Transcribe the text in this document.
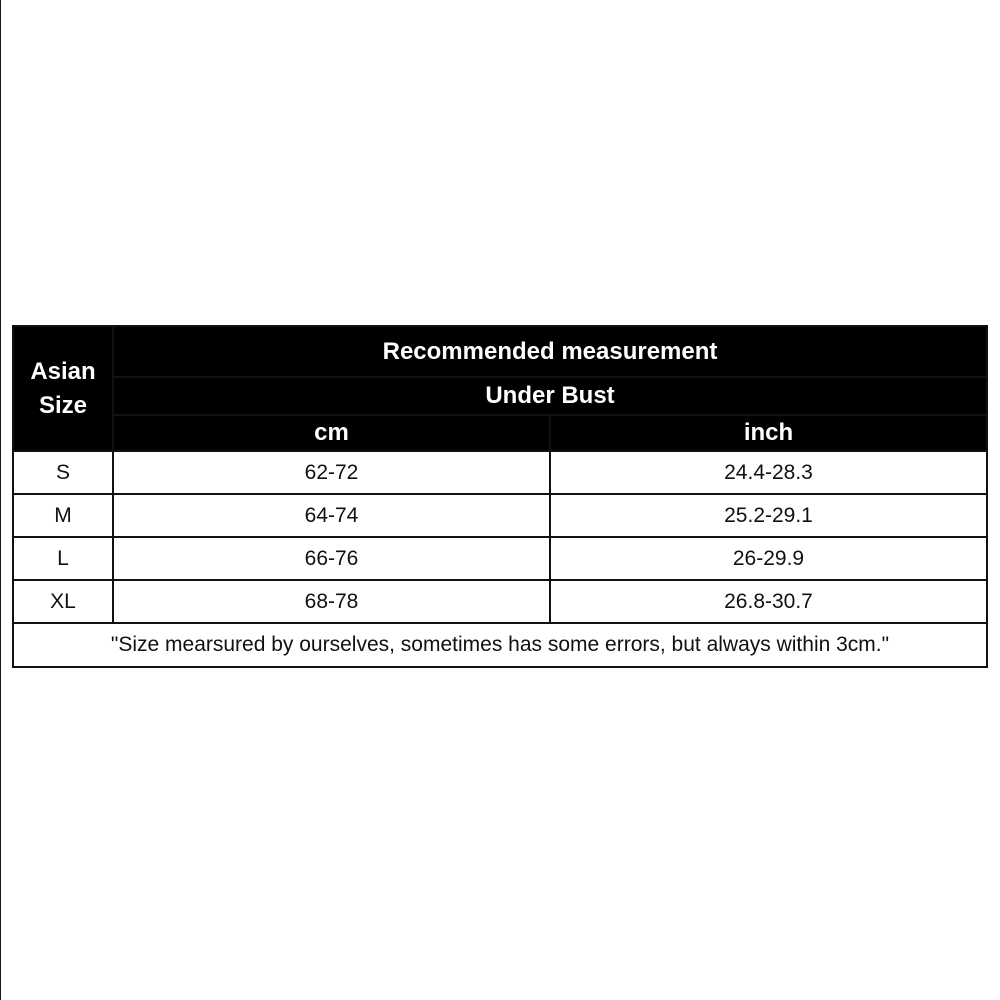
Asian
Size	Recommended measurement	
	Under Bust	
	cm	inch
S	62-72	24.4-28.3
M	64-74	25.2-29.1
L	66-76	26-29.9
XL	68-78	26.8-30.7
"Size mearsured by ourselves, sometimes has some errors, but always within 3cm."		
